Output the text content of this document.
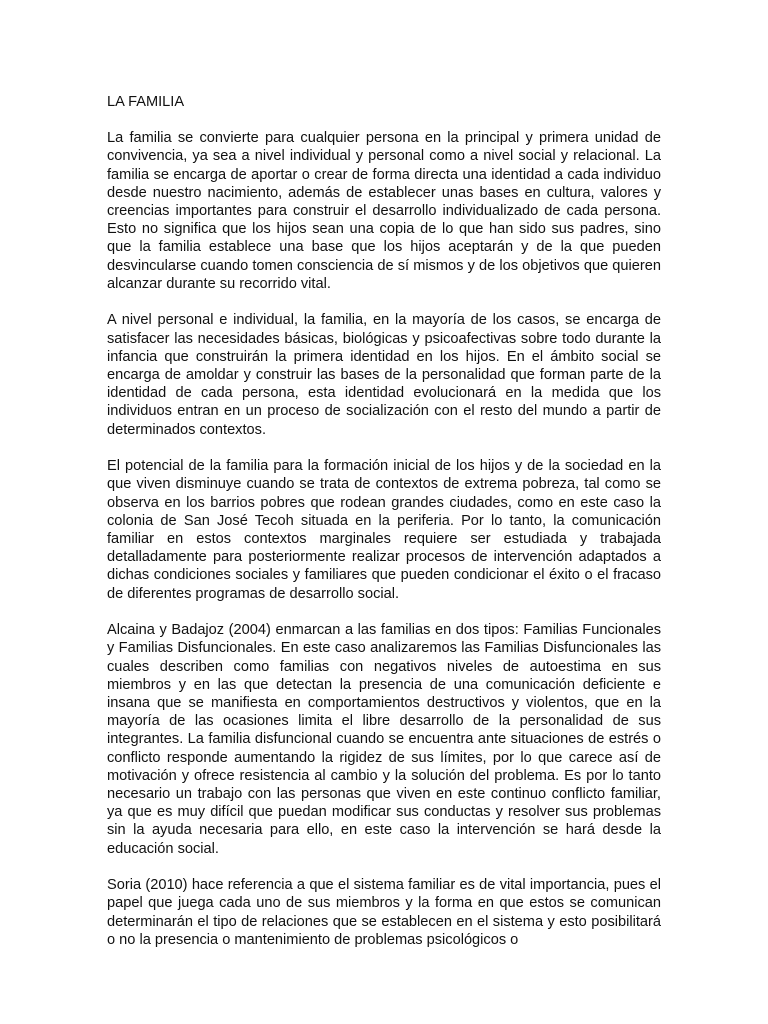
LA FAMILIA

La familia se convierte para cualquier persona en la principal y primera unidad de convivencia, ya sea a nivel individual y personal como a nivel social y relacional. La familia se encarga de aportar o crear de forma directa una identidad a cada individuo desde nuestro nacimiento, además de establecer unas bases en cultura, valores y creencias importantes para construir el desarrollo individualizado de cada persona. Esto no significa que los hijos sean una copia de lo que han sido sus padres, sino que la familia establece una base que los hijos aceptarán y de la que pueden desvincularse cuando tomen consciencia de sí mismos y de los objetivos que quieren alcanzar durante su recorrido vital.

A nivel personal e individual, la familia, en la mayoría de los casos, se encarga de satisfacer las necesidades básicas, biológicas y psicoafectivas sobre todo durante la infancia que construirán la primera identidad en los hijos. En el ámbito social se encarga de amoldar y construir las bases de la personalidad que forman parte de la identidad de cada persona, esta identidad evolucionará en la medida que los individuos entran en un proceso de socialización con el resto del mundo a partir de determinados contextos.

El potencial de la familia para la formación inicial de los hijos y de la sociedad en la que viven disminuye cuando se trata de contextos de extrema pobreza, tal como se observa en los barrios pobres que rodean grandes ciudades, como en este caso la colonia de San José Tecoh situada en la periferia. Por lo tanto, la comunicación familiar en estos contextos marginales requiere ser estudiada y trabajada detalladamente para posteriormente realizar procesos de intervención adaptados a dichas condiciones sociales y familiares que pueden condicionar el éxito o el fracaso de diferentes programas de desarrollo social.

Alcaina y Badajoz (2004) enmarcan a las familias en dos tipos: Familias Funcionales y Familias Disfuncionales. En este caso analizaremos las Familias Disfuncionales las cuales describen como familias con negativos niveles de autoestima en sus miembros y en las que detectan la presencia de una comunicación deficiente e insana que se manifiesta en comportamientos destructivos y violentos, que en la mayoría de las ocasiones limita el libre desarrollo de la personalidad de sus integrantes. La familia disfuncional cuando se encuentra ante situaciones de estrés o conflicto responde aumentando la rigidez de sus límites, por lo que carece así de motivación y ofrece resistencia al cambio y la solución del problema. Es por lo tanto necesario un trabajo con las personas que viven en este continuo conflicto familiar, ya que es muy difícil que puedan modificar sus conductas y resolver sus problemas sin la ayuda necesaria para ello, en este caso la intervención se hará desde la educación social.

Soria (2010) hace referencia a que el sistema familiar es de vital importancia, pues el papel que juega cada uno de sus miembros y la forma en que estos se comunican determinarán el tipo de relaciones que se establecen en el sistema y esto posibilitará o no la presencia o mantenimiento de problemas psicológicos o
